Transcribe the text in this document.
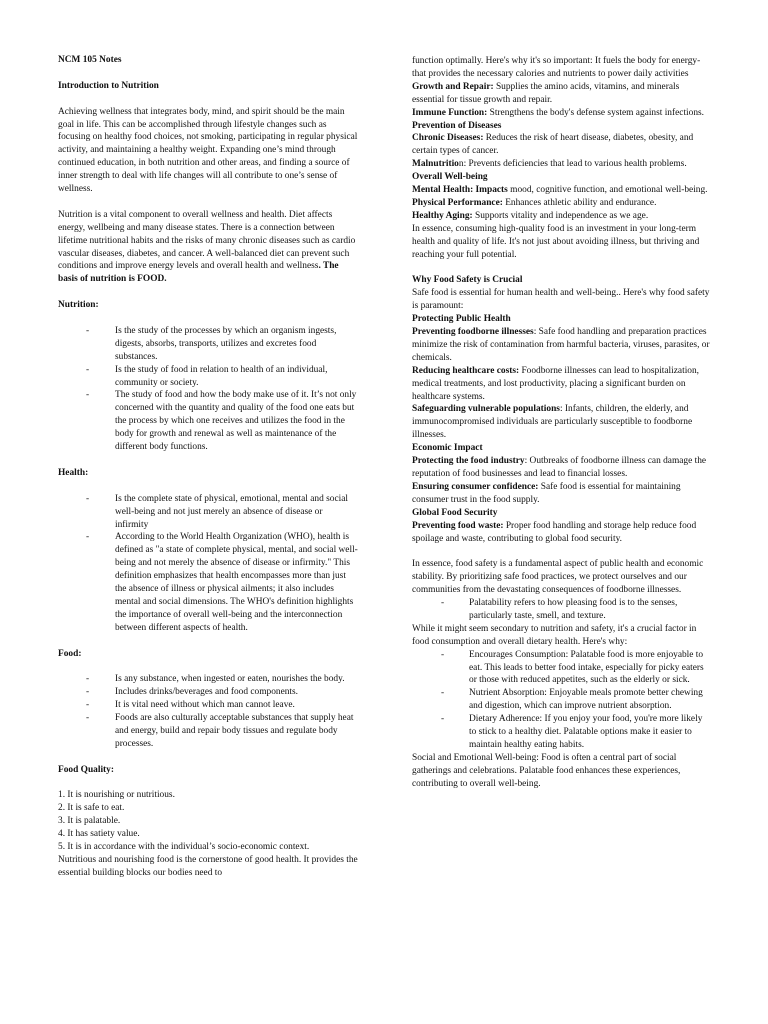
NCM 105 Notes

Introduction to Nutrition

Achieving wellness that integrates body, mind, and spirit should be the main goal in life. This can be accomplished through lifestyle changes such as focusing on healthy food choices, not smoking, participating in regular physical activity, and maintaining a healthy weight. Expanding one’s mind through continued education, in both nutrition and other areas, and finding a source of inner strength to deal with life changes will all contribute to one’s sense of wellness.

Nutrition is a vital component to overall wellness and health. Diet affects energy, wellbeing and many disease states. There is a connection between lifetime nutritional habits and the risks of many chronic diseases such as cardio vascular diseases, diabetes, and cancer. A well-balanced diet can prevent such conditions and improve energy levels and overall health and wellness. The basis of nutrition is FOOD.

Nutrition:

-	Is the study of the processes by which an organism ingests, digests, absorbs, transports, utilizes and excretes food substances.
-	Is the study of food in relation to health of an individual, community or society.
-	The study of food and how the body make use of it. It’s not only concerned with the quantity and quality of the food one eats but the process by which one receives and utilizes the food in the body for growth and renewal as well as maintenance of the different body functions.

Health:

-	Is the complete state of physical, emotional, mental and social well-being and not just merely an absence of disease or infirmity
-	According to the World Health Organization (WHO), health is defined as "a state of complete physical, mental, and social well-being and not merely the absence of disease or infirmity." This definition emphasizes that health encompasses more than just the absence of illness or physical ailments; it also includes mental and social dimensions. The WHO's definition highlights the importance of overall well-being and the interconnection between different aspects of health.

Food:

-	Is any substance, when ingested or eaten, nourishes the body.
-	Includes drinks/beverages and food components.
-	It is vital need without which man cannot leave.
-	Foods are also culturally acceptable substances that supply heat and energy, build and repair body tissues and regulate body processes.

Food Quality:

1. It is nourishing or nutritious.

2. It is safe to eat.

3. It is palatable.

4. It has satiety value.

5. It is in accordance with the individual’s socio-economic context.

Nutritious and nourishing food is the cornerstone of good health. It provides the essential building blocks our bodies need to

function optimally. Here's why it's so important: It fuels the body for energy- that provides the necessary calories and nutrients to power daily activities

Growth and Repair: Supplies the amino acids, vitamins, and minerals essential for tissue growth and repair.

Immune Function: Strengthens the body's defense system against infections.

Prevention of Diseases

Chronic Diseases: Reduces the risk of heart disease, diabetes, obesity, and certain types of cancer.

Malnutrition: Prevents deficiencies that lead to various health problems.

Overall Well-being

Mental Health: Impacts mood, cognitive function, and emotional well-being.

Physical Performance: Enhances athletic ability and endurance.

Healthy Aging: Supports vitality and independence as we age.

In essence, consuming high-quality food is an investment in your long-term health and quality of life. It's not just about avoiding illness, but thriving and reaching your full potential.

Why Food Safety is Crucial

Safe food is essential for human health and well-being.. Here's why food safety is paramount:

Protecting Public Health

Preventing foodborne illnesses: Safe food handling and preparation practices minimize the risk of contamination from harmful bacteria, viruses, parasites, or chemicals.

Reducing healthcare costs: Foodborne illnesses can lead to hospitalization, medical treatments, and lost productivity, placing a significant burden on healthcare systems.

Safeguarding vulnerable populations: Infants, children, the elderly, and immunocompromised individuals are particularly susceptible to foodborne illnesses.

Economic Impact

Protecting the food industry: Outbreaks of foodborne illness can damage the reputation of food businesses and lead to financial losses.

Ensuring consumer confidence: Safe food is essential for maintaining consumer trust in the food supply.

Global Food Security

Preventing food waste: Proper food handling and storage help reduce food spoilage and waste, contributing to global food security.

In essence, food safety is a fundamental aspect of public health and economic stability. By prioritizing safe food practices, we protect ourselves and our communities from the devastating consequences of foodborne illnesses.

-	Palatability refers to how pleasing food is to the senses, particularly taste, smell, and texture.

While it might seem secondary to nutrition and safety, it's a crucial factor in food consumption and overall dietary health. Here's why:

-	Encourages Consumption: Palatable food is more enjoyable to eat. This leads to better food intake, especially for picky eaters or those with reduced appetites, such as the elderly or sick.
-	Nutrient Absorption: Enjoyable meals promote better chewing and digestion, which can improve nutrient absorption.
-	Dietary Adherence: If you enjoy your food, you're more likely to stick to a healthy diet. Palatable options make it easier to maintain healthy eating habits.

Social and Emotional Well-being: Food is often a central part of social gatherings and celebrations. Palatable food enhances these experiences, contributing to overall well-being.
